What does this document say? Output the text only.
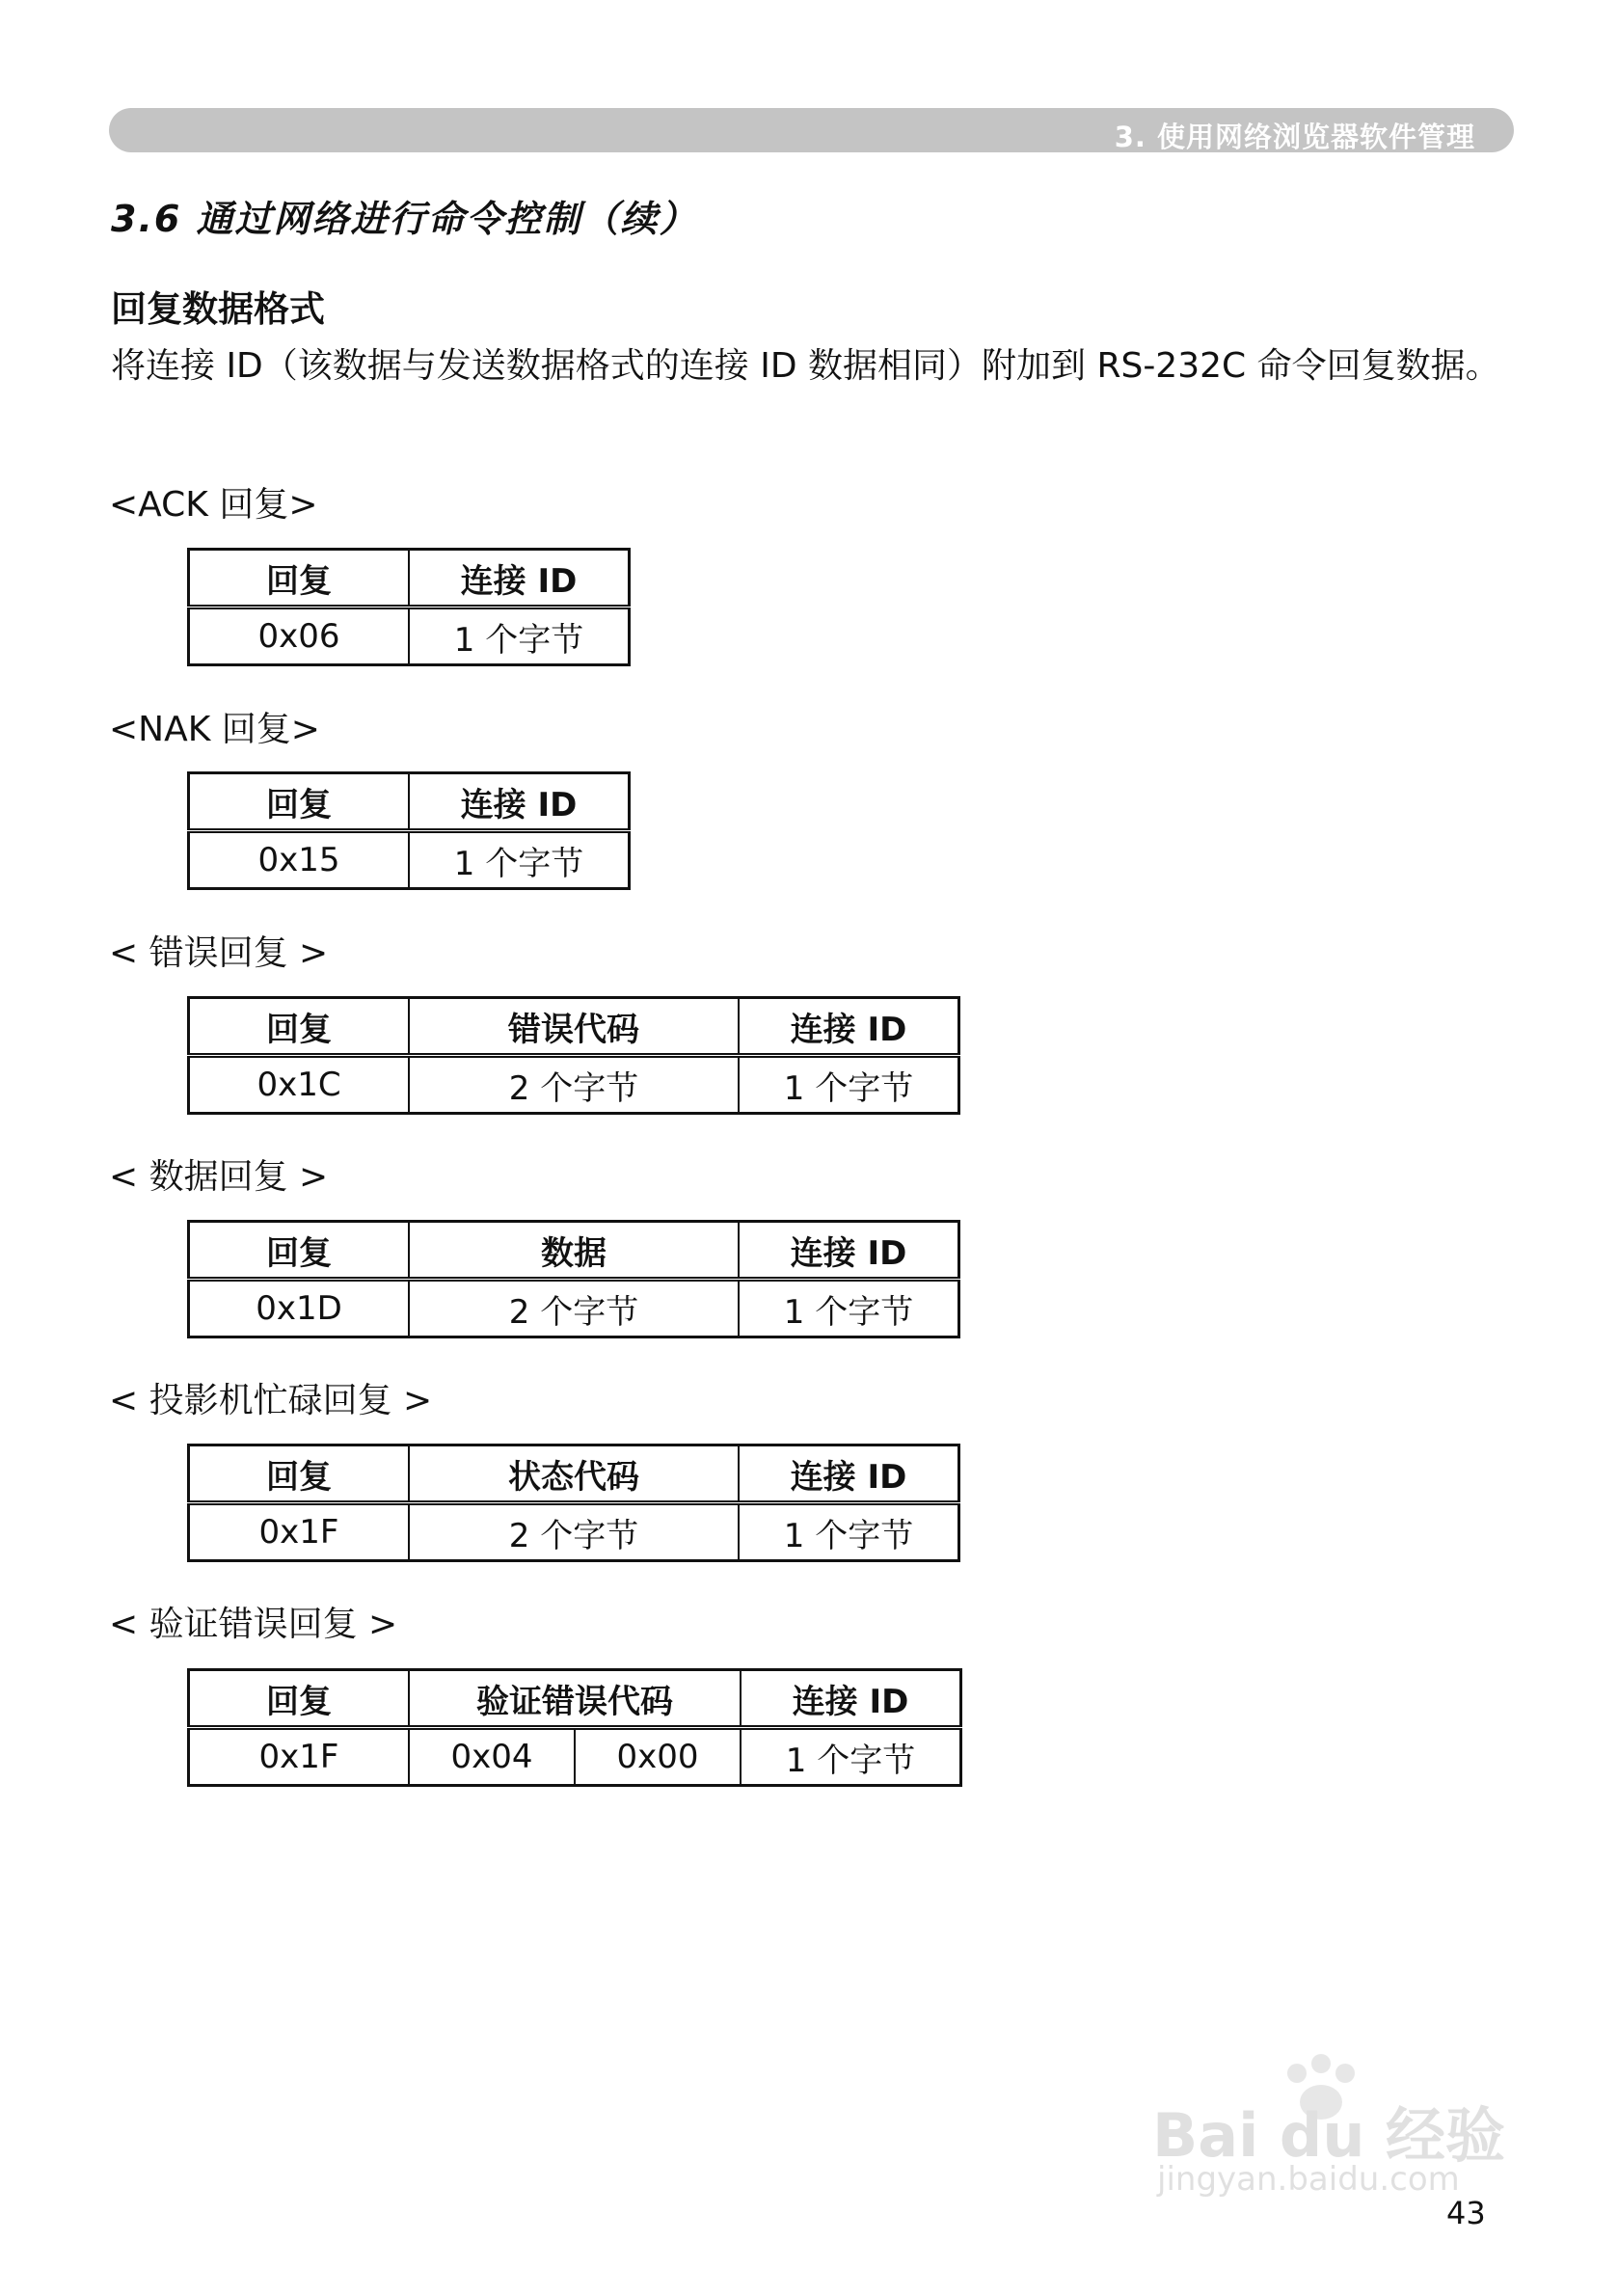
3. 使用网络浏览器软件管理
3.6 通过网络进行命令控制（续）
回复数据格式
将连接 ID（该数据与发送数据格式的连接 ID 数据相同）附加到 RS-232C 命令回复数据。
<ACK 回复>
回复	连接 ID
0x06	1 个字节
<NAK 回复>
回复	连接 ID
0x15	1 个字节
< 错误回复 >
回复	错误代码	连接 ID
0x1C	2 个字节	1 个字节
< 数据回复 >
回复	数据	连接 ID
0x1D	2 个字节	1 个字节
< 投影机忙碌回复 >
回复	状态代码	连接 ID
0x1F	2 个字节	1 个字节
< 验证错误回复 >
回复	验证错误代码		连接 ID
0x1F	0x04	0x00	1 个字节
Bai du 经验
jingyan.baidu.com
43
